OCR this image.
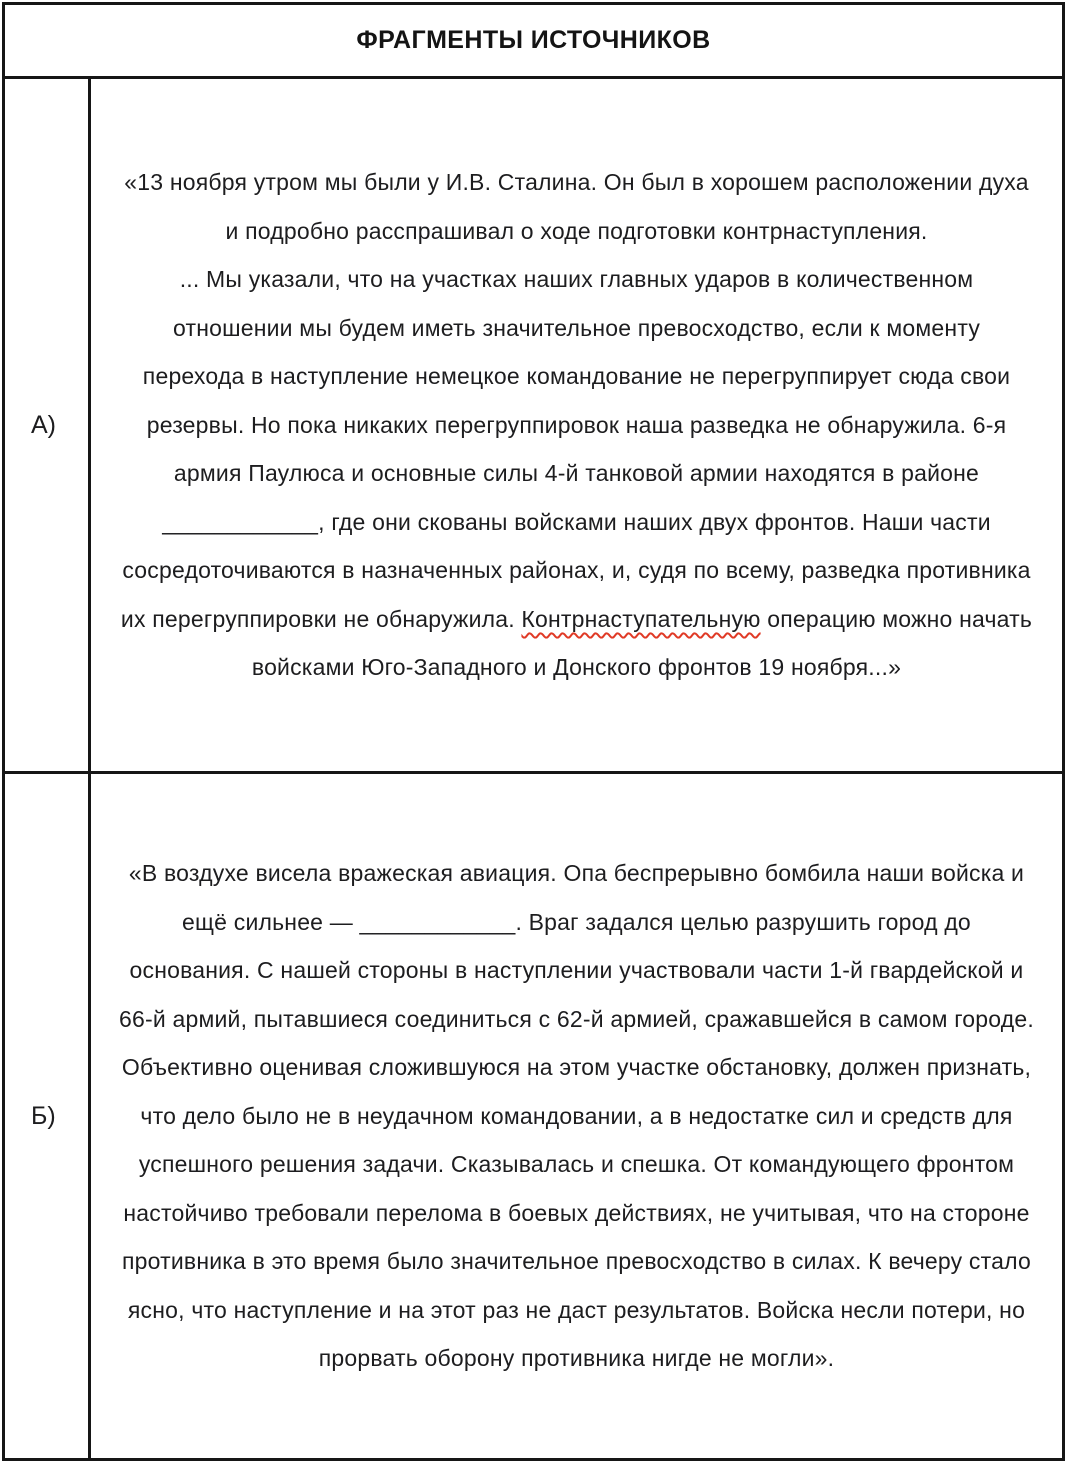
ФРАГМЕНТЫ ИСТОЧНИКОВ
А)

«13 ноября утром мы были у И.В. Сталина. Он был в хорошем расположении духа и подробно расспрашивал о ходе подготовки контрнаступления.

... Мы указали, что на участках наших главных ударов в количественном отношении мы будем иметь значительное превосходство, если к моменту перехода в наступление немецкое командование не перегруппирует сюда свои резервы. Но пока никаких перегруппировок наша разведка не обнаружила. 6-я армия Паулюса и основные силы 4-й танковой армии находятся в районе ____________, где они скованы войсками наших двух фронтов. Наши части сосредоточиваются в назначенных районах, и, судя по всему, разведка противника их перегруппировки не обнаружила. Контрнаступательную операцию можно начать войсками Юго-Западного и Донского фронтов 19 ноября...»

Б)

«В воздухе висела вражеская авиация. Опа беспрерывно бомбила наши войска и ещё сильнее — ____________. Враг задался целью разрушить город до основания. С нашей стороны в наступлении участвовали части 1-й гвардейской и 66-й армий, пытавшиеся соединиться с 62-й армией, сражавшейся в самом городе. Объективно оценивая сложившуюся на этом участке обстановку, должен признать, что дело было не в неудачном командовании, а в недостатке сил и средств для успешного решения задачи. Сказывалась и спешка. От командующего фронтом настойчиво требовали перелома в боевых действиях, не учитывая, что на стороне противника в это время было значительное превосходство в силах. К вечеру стало ясно, что наступление и на этот раз не даст результатов. Войска несли потери, но прорвать оборону противника нигде не могли».
